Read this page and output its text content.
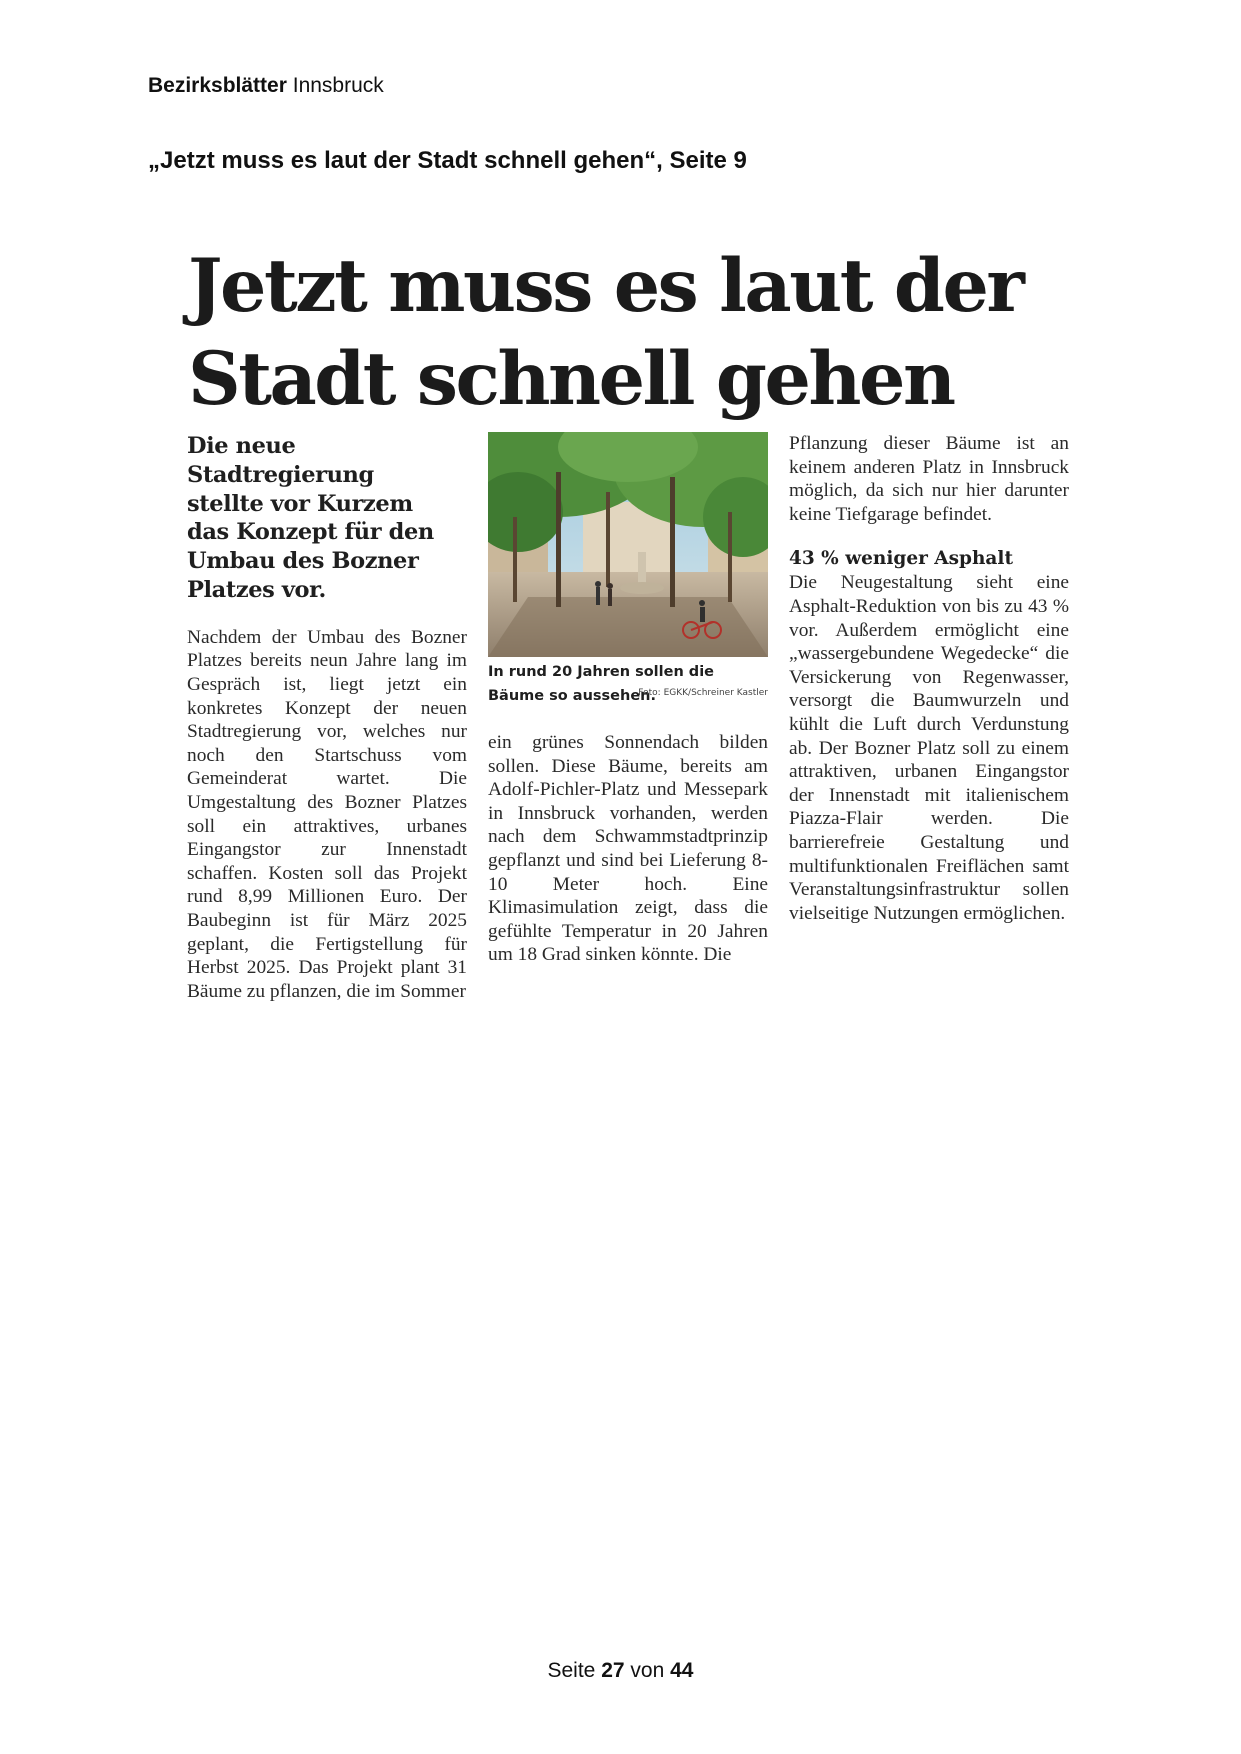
Bezirksblätter Innsbruck
„Jetzt muss es laut der Stadt schnell gehen“, Seite 9
Jetzt muss es laut der
Stadt schnell gehen

Die neue Stadtregierung stellte vor Kurzem das Konzept für den Umbau des Bozner Platzes vor.

Nachdem der Umbau des Bozner Platzes bereits neun Jahre lang im Gespräch ist, liegt jetzt ein konkretes Konzept der neuen Stadtregierung vor, welches nur noch den Startschuss vom Gemeinderat wartet. Die Umgestaltung des Bozner Platzes soll ein attraktives, urbanes Eingangstor zur Innenstadt schaffen. Kosten soll das Projekt rund 8,99 Millionen Euro. Der Baubeginn ist für März 2025 geplant, die Fertigstellung für Herbst 2025. Das Projekt plant 31 Bäume zu pflanzen, die im Sommer

In rund 20 Jahren sollen die Bäume so aussehen.
Foto: EGKK/Schreiner Kastler

ein grünes Sonnendach bilden sollen. Diese Bäume, bereits am Adolf-Pichler-Platz und Messepark in Innsbruck vorhanden, werden nach dem Schwammstadtprinzip gepflanzt und sind bei Lieferung 8-10 Meter hoch. Eine Klimasimulation zeigt, dass die gefühlte Temperatur in 20 Jahren um 18 Grad sinken könnte. Die

Pflanzung dieser Bäume ist an keinem anderen Platz in Innsbruck möglich, da sich nur hier darunter keine Tiefgarage befindet.

43 % weniger Asphalt

Die Neugestaltung sieht eine Asphalt-Reduktion von bis zu 43 % vor. Außerdem ermöglicht eine „wassergebundene Wegedecke“ die Versickerung von Regenwasser, versorgt die Baumwurzeln und kühlt die Luft durch Verdunstung ab. Der Bozner Platz soll zu einem attraktiven, urbanen Eingangstor der Innenstadt mit italienischem Piazza-Flair werden. Die barrierefreie Gestaltung und multifunktionalen Freiflächen samt Veranstaltungsinfrastruktur sollen vielseitige Nutzungen ermöglichen.

Seite 27 von 44
